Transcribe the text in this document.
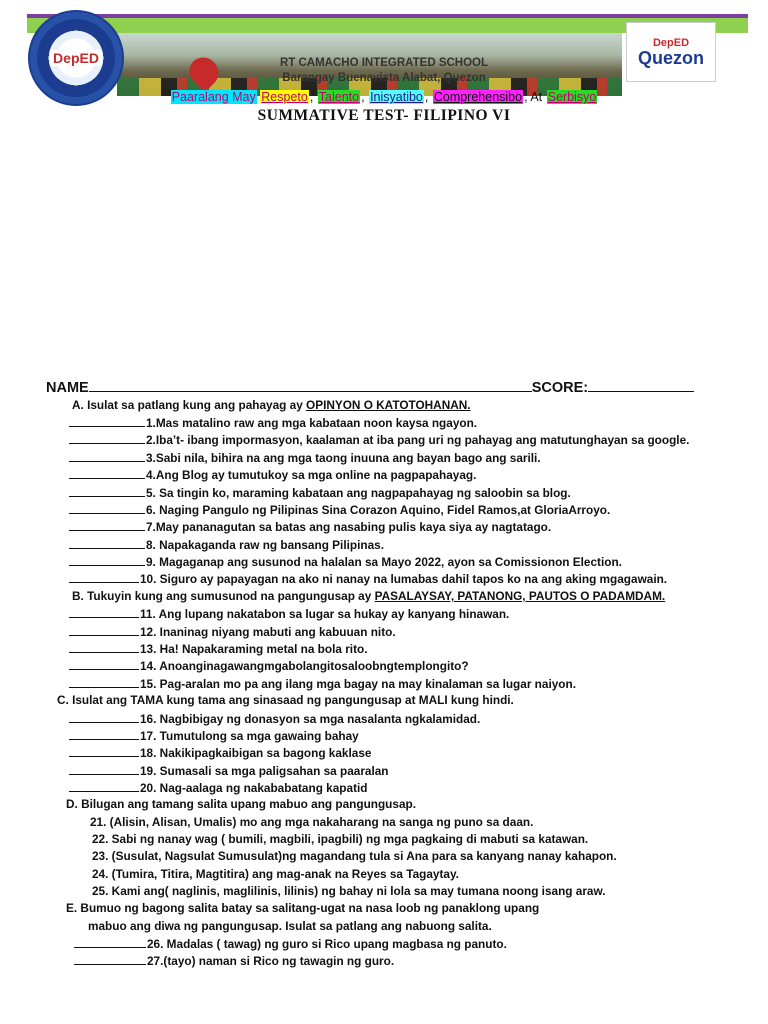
DepED
DepED
Quezon
RT CAMACHO INTEGRATED SCHOOL
Barangay Buenavista Alabat, Quezon
Paaralang May Respeto , Talento , Inisyatibo , Comprehensibo , At Serbisyo
SUMMATIVE TEST- FILIPINO VI
NAME	SCORE:
A. Isulat sa patlang kung ang pahayag ay OPINYON O KATOTOHANAN.
1.Mas matalino raw ang mga kabataan noon kaysa ngayon.
2.Iba’t- ibang impormasyon, kaalaman at iba pang uri ng pahayag ang matutunghayan sa google.
3.Sabi nila, bihira na ang mga taong inuuna ang bayan bago ang sarili.
4.Ang Blog ay tumutukoy sa mga online na pagpapahayag.
5. Sa tingin ko, maraming kabataan ang nagpapahayag ng saloobin sa blog.
6. Naging Pangulo ng Pilipinas Sina Corazon Aquino, Fidel Ramos,at GloriaArroyo.
7.May pananagutan sa batas ang nasabing pulis kaya siya ay nagtatago.
8. Napakaganda raw ng bansang Pilipinas.
9. Magaganap ang susunod na halalan sa Mayo 2022, ayon sa Comissionon Election.
10. Siguro ay papayagan na ako ni nanay na lumabas dahil tapos ko na ang aking mgagawain.
B. Tukuyin kung ang sumusunod na pangungusap ay PASALAYSAY, PATANONG, PAUTOS O PADAMDAM.
11. Ang lupang nakatabon sa lugar sa hukay ay kanyang hinawan.
12. Inaninag niyang mabuti ang kabuuan nito.
13. Ha! Napakaraming metal na bola rito.
14. Anoanginagawangmgabolangitosaloobngtemplongito?
15. Pag-aralan mo pa ang ilang mga bagay na may kinalaman sa lugar naiyon.
C. Isulat ang TAMA kung tama ang sinasaad ng pangungusap at MALI kung hindi.
16. Nagbibigay ng donasyon sa mga nasalanta ngkalamidad.
17. Tumutulong sa mga gawaing bahay
18. Nakikipagkaibigan sa bagong kaklase
19. Sumasali sa mga paligsahan sa paaralan
20. Nag-aalaga ng nakababatang kapatid
D. Bilugan ang tamang salita upang mabuo ang pangungusap.
21. (Alisin, Alisan, Umalis) mo ang mga nakaharang na sanga ng puno sa daan.
22. Sabi ng nanay wag ( bumili, magbili, ipagbili) ng mga pagkaing di mabuti sa katawan.
23. (Susulat, Nagsulat Sumusulat)ng magandang tula si Ana para sa kanyang nanay kahapon.
24. (Tumira, Titira, Magtitira) ang mag-anak na Reyes sa Tagaytay.
25. Kami ang( naglinis, maglilinis, lilinis) ng bahay ni lola sa may tumana noong isang araw.
E. Bumuo ng bagong salita batay sa salitang-ugat na nasa loob ng panaklong upang
mabuo ang diwa ng pangungusap. Isulat sa patlang ang nabuong salita.
26. Madalas ( tawag) ng guro si Rico upang magbasa ng panuto.
27.(tayo) naman si Rico ng tawagin ng guro.
